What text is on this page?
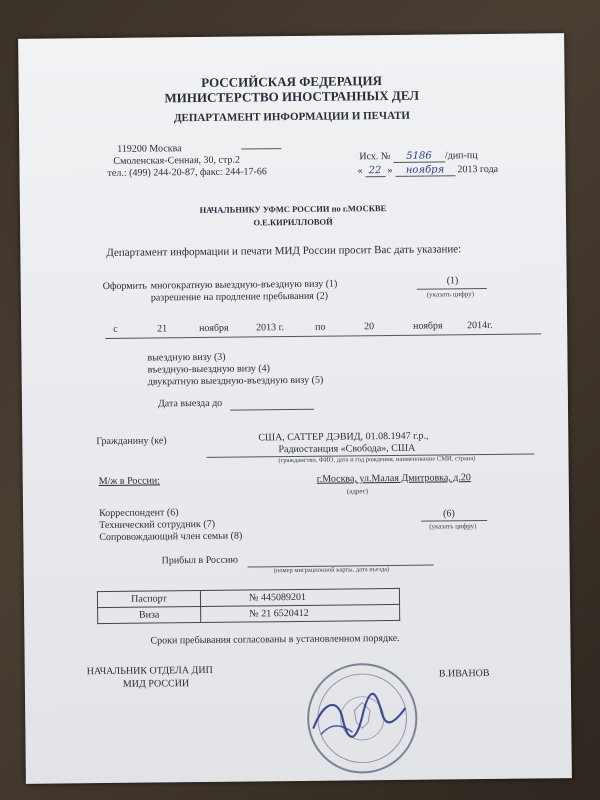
РОССИЙСКАЯ ФЕДЕРАЦИЯ
МИНИСТЕРСТВО ИНОСТРАННЫХ ДЕЛ
ДЕПАРТАМЕНТ ИНФОРМАЦИИ И ПЕЧАТИ
119200 Москва
Смоленская-Сенная, 30, стр.2
тел.: (499) 244-20-87, факс: 244-17-66
Исх. № 5186 /дип-пц
« 22 » ноября 2013 года
НАЧАЛЬНИКУ УФМС РОССИИ по г.МОСКВЕ
О.Е.КИРИЛЛОВОЙ
Департамент информации и печати МИД России просит Вас дать указание:
Оформить многократную выездную-въездную визу (1)
разрешение на продление пребывания (2)
(1)
(указать цифру)
с	21	ноября	2013 г.	по	20	ноября 2014г.
выездную визу (3)
въездную-выездную визу (4)
двукратную выездную-въездную визу (5)
Дата выезда до
Гражданину (ке)	США, САТТЕР ДЭВИД, 01.08.1947 г.р.,
Радиостанция «Свобода», США
(гражданство, ФИО, дата и год рождения, наименование СМИ, страна)
М/ж в России:	г.Москва, ул.Малая Дмитровка, д.20
(адрес)
Корреспондент (6)
Технический сотрудник (7)
Сопровождающий член семьи (8)
(6)
(указать цифру)
Прибыл в Россию
(номер миграционной карты, дата въезда)
Паспорт	№ 445089201
Виза	№ 21 6520412
Сроки пребывания согласованы в установленном порядке.
НАЧАЛЬНИК ОТДЕЛА ДИП
МИД РОССИИ
В.ИВАНОВ
